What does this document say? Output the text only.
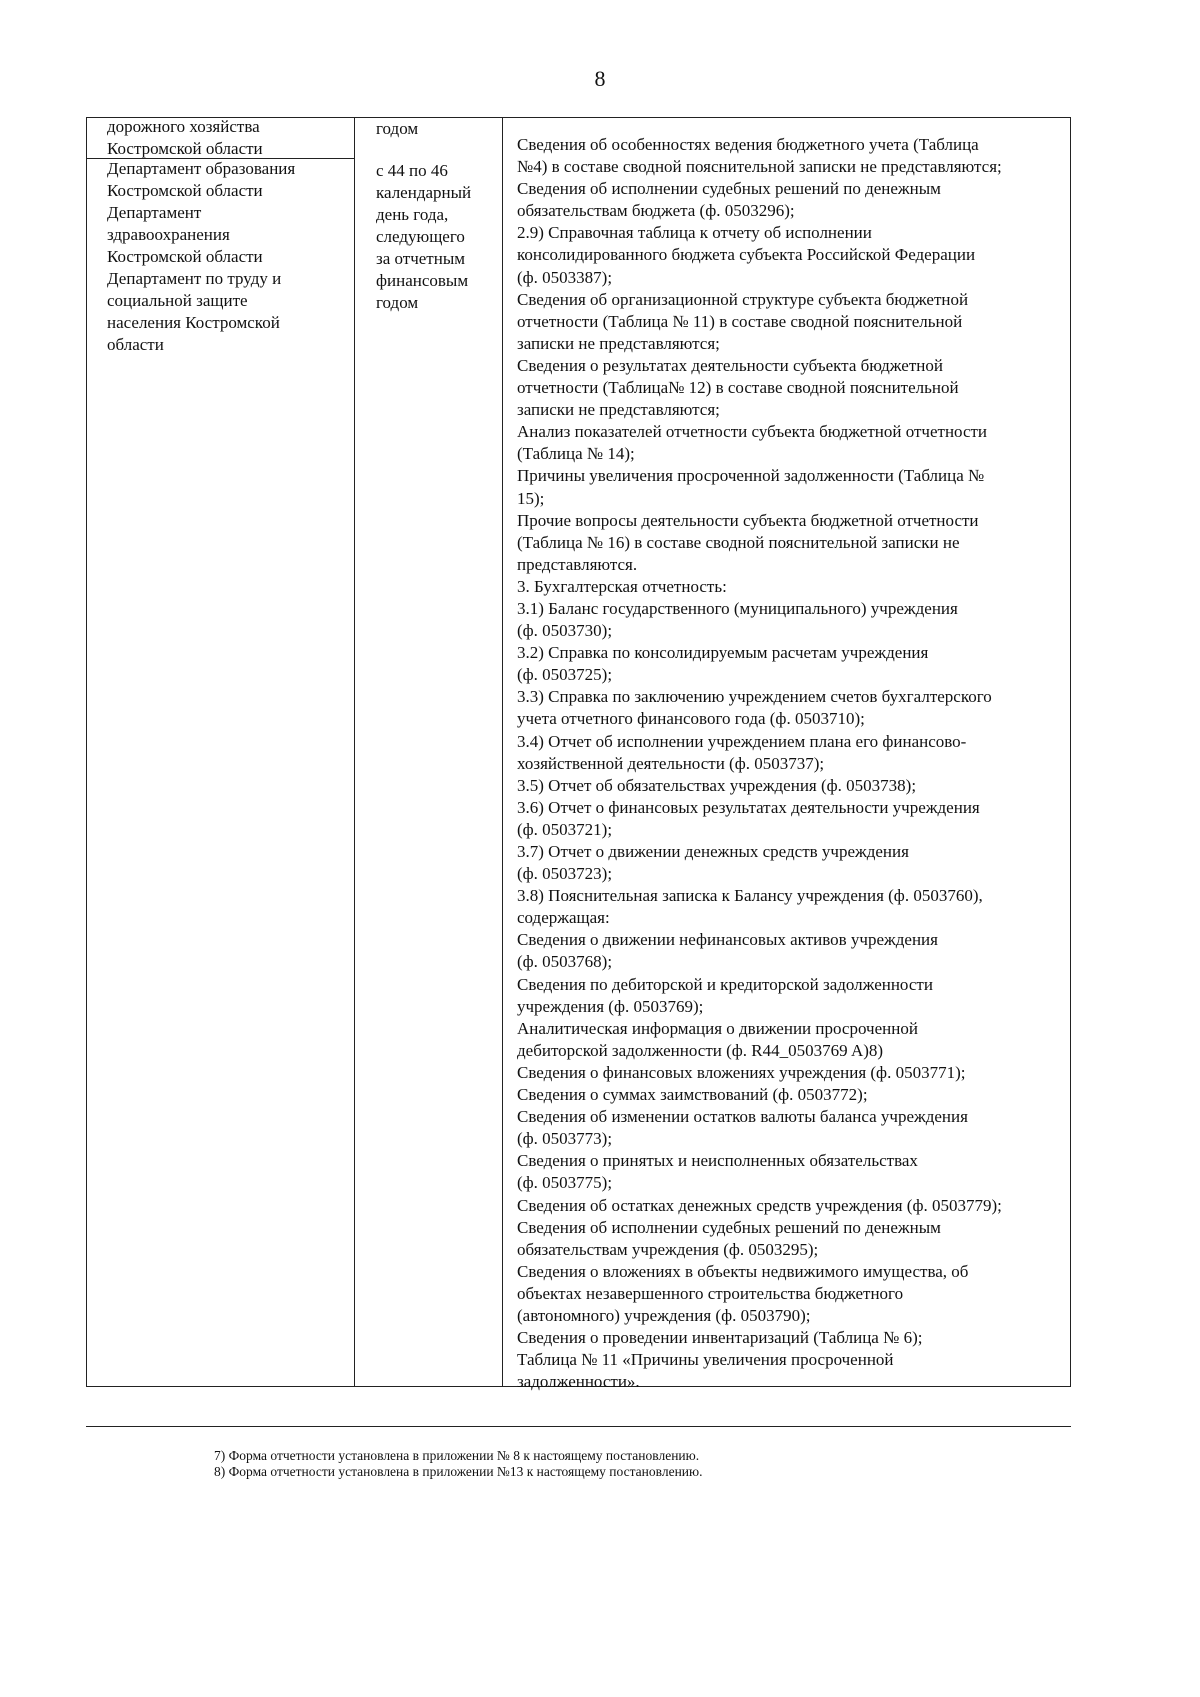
8
дорожного хозяйства
Костромской области
годом
Департамент образования
Костромской области
Департамент
здравоохранения
Костромской области
Департамент по труду и
социальной защите
населения Костромской
области
с 44 по 46
календарный
день года,
следующего
за отчетным
финансовым
годом
Сведения об особенностях ведения бюджетного учета (Таблица
№4) в составе сводной пояснительной записки не представляются;
Сведения об исполнении судебных решений по денежным
обязательствам бюджета (ф. 0503296);
2.9) Справочная таблица к отчету об исполнении
консолидированного бюджета субъекта Российской Федерации
(ф. 0503387);
Сведения об организационной структуре субъекта бюджетной
отчетности (Таблица № 11) в составе сводной пояснительной
записки не представляются;
Сведения о результатах деятельности субъекта бюджетной
отчетности (Таблица№ 12) в составе сводной пояснительной
записки не представляются;
Анализ показателей отчетности субъекта бюджетной отчетности
(Таблица № 14);
Причины увеличения просроченной задолженности (Таблица №
15);
Прочие вопросы деятельности субъекта бюджетной отчетности
(Таблица № 16) в составе сводной пояснительной записки не
представляются.
3. Бухгалтерская отчетность:
3.1) Баланс государственного (муниципального) учреждения
(ф. 0503730);
3.2) Справка по консолидируемым расчетам учреждения
(ф. 0503725);
3.3) Справка по заключению учреждением счетов бухгалтерского
учета отчетного финансового года (ф. 0503710);
3.4) Отчет об исполнении учреждением плана его финансово-
хозяйственной деятельности (ф. 0503737);
3.5) Отчет об обязательствах учреждения (ф. 0503738);
3.6) Отчет о финансовых результатах деятельности учреждения
(ф. 0503721);
3.7) Отчет о движении денежных средств учреждения
(ф. 0503723);
3.8) Пояснительная записка к Балансу учреждения (ф. 0503760),
содержащая:
Сведения о движении нефинансовых активов учреждения
(ф. 0503768);
Сведения по дебиторской и кредиторской задолженности
учреждения (ф. 0503769);
Аналитическая информация о движении просроченной
дебиторской задолженности (ф. R44_0503769 A)8)
Сведения о финансовых вложениях учреждения (ф. 0503771);
Сведения о суммах заимствований (ф. 0503772);
Сведения об изменении остатков валюты баланса учреждения
(ф. 0503773);
Сведения о принятых и неисполненных обязательствах
(ф. 0503775);
Сведения об остатках денежных средств учреждения (ф. 0503779);
Сведения об исполнении судебных решений по денежным
обязательствам учреждения (ф. 0503295);
Сведения о вложениях в объекты недвижимого имущества, об
объектах незавершенного строительства бюджетного
(автономного) учреждения (ф. 0503790);
Сведения о проведении инвентаризаций (Таблица № 6);
Таблица № 11 «Причины увеличения просроченной
задолженности».
7) Форма отчетности установлена в приложении № 8 к настоящему постановлению.
8) Форма отчетности установлена в приложении №13 к настоящему постановлению.
